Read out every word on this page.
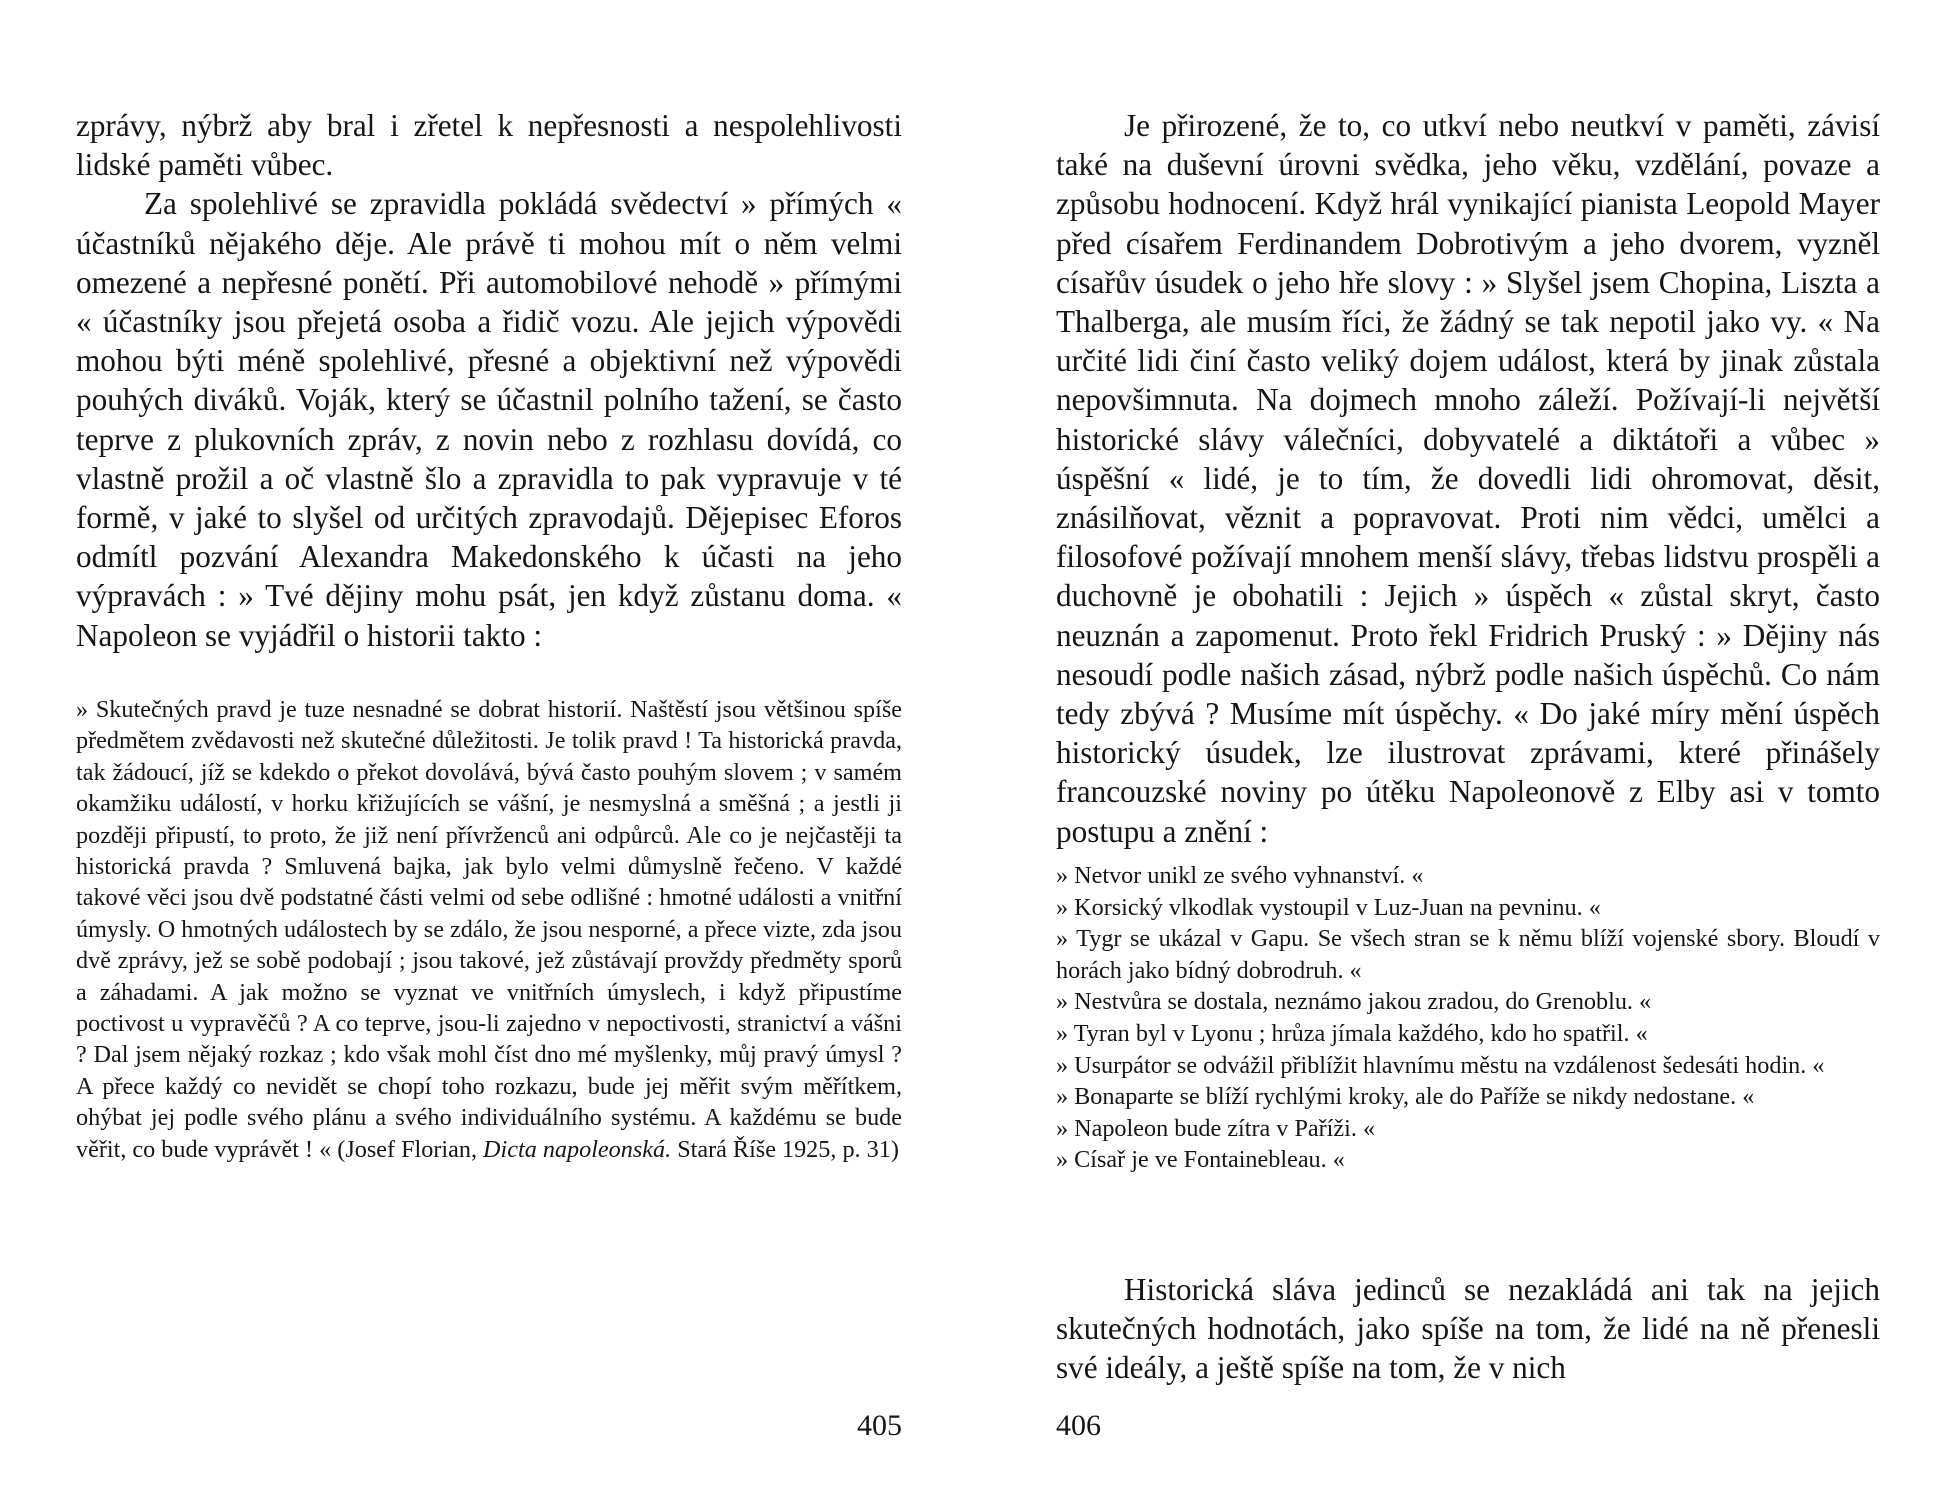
zprávy, nýbrž aby bral i zřetel k nepřesnosti a nespolehlivosti lidské paměti vůbec.

Za spolehlivé se zpravidla pokládá svědectví » přímých « účastníků nějakého děje. Ale právě ti mohou mít o něm velmi omezené a nepřesné ponětí. Při automobilové nehodě » přímými « účastníky jsou přejetá osoba a řidič vozu. Ale jejich výpovědi mohou býti méně spolehlivé, přesné a objektivní než výpovědi pouhých diváků. Voják, který se účastnil polního tažení, se často teprve z plukovních zpráv, z novin nebo z rozhlasu dovídá, co vlastně prožil a oč vlastně šlo a zpravidla to pak vypravuje v té formě, v jaké to slyšel od určitých zpravodajů. Dějepisec Eforos odmítl pozvání Alexandra Makedonského k účasti na jeho výpravách : » Tvé dějiny mohu psát, jen když zůstanu doma. « Napoleon se vyjádřil o historii takto :

» Skutečných pravd je tuze nesnadné se dobrat historií. Naštěstí jsou většinou spíše předmětem zvědavosti než skutečné důležitosti. Je tolik pravd ! Ta historická pravda, tak žádoucí, jíž se kdekdo o překot dovolává, bývá často pouhým slovem ; v samém okamžiku událostí, v horku křižujících se vášní, je nesmyslná a směšná ; a jestli ji později připustí, to proto, že již není přívrženců ani odpůrců. Ale co je nejčastěji ta historická pravda ? Smluvená bajka, jak bylo velmi důmyslně řečeno. V každé takové věci jsou dvě podstatné části velmi od sebe odlišné : hmotné události a vnitřní úmysly. O hmotných událostech by se zdálo, že jsou nesporné, a přece vizte, zda jsou dvě zprávy, jež se sobě podobají ; jsou takové, jež zůstávají provždy předměty sporů a záhadami. A jak možno se vyznat ve vnitřních úmyslech, i když připustíme poctivost u vypravěčů ? A co teprve, jsou-li zajedno v nepoctivosti, stranictví a vášni ? Dal jsem nějaký rozkaz ; kdo však mohl číst dno mé myšlenky, můj pravý úmysl ? A přece každý co nevidět se chopí toho rozkazu, bude jej měřit svým měřítkem, ohýbat jej podle svého plánu a svého individuálního systému. A každému se bude věřit, co bude vyprávět ! « (Josef Florian, Dicta napoleonská. Stará Říše 1925, p. 31)
405

Je přirozené, že to, co utkví nebo neutkví v paměti, závisí také na duševní úrovni svědka, jeho věku, vzdělání, povaze a způsobu hodnocení. Když hrál vynikající pianista Leopold Mayer před císařem Ferdinandem Dobrotivým a jeho dvorem, vyzněl císařův úsudek o jeho hře slovy : » Slyšel jsem Chopina, Liszta a Thalberga, ale musím říci, že žádný se tak nepotil jako vy. « Na určité lidi činí často veliký dojem událost, která by jinak zůstala nepovšimnuta. Na dojmech mnoho záleží. Požívají-li největší historické slávy válečníci, dobyvatelé a diktátoři a vůbec » úspěšní « lidé, je to tím, že dovedli lidi ohromovat, děsit, znásilňovat, věznit a popravovat. Proti nim vědci, umělci a filosofové požívají mnohem menší slávy, třebas lidstvu prospěli a duchovně je obohatili : Jejich » úspěch « zůstal skryt, často neuznán a zapomenut. Proto řekl Fridrich Pruský : » Dějiny nás nesoudí podle našich zásad, nýbrž podle našich úspěchů. Co nám tedy zbývá ? Musíme mít úspěchy. « Do jaké míry mění úspěch historický úsudek, lze ilustrovat zprávami, které přinášely francouzské noviny po útěku Napoleonově z Elby asi v tomto postupu a znění :

» Netvor unikl ze svého vyhnanství. «
» Korsický vlkodlak vystoupil v Luz-Juan na pevninu. «
» Tygr se ukázal v Gapu. Se všech stran se k němu blíží vojenské sbory. Bloudí v horách jako bídný dobrodruh. «
» Nestvůra se dostala, neznámo jakou zradou, do Grenoblu. «
» Tyran byl v Lyonu ; hrůza jímala každého, kdo ho spatřil. «
» Usurpátor se odvážil přiblížit hlavnímu městu na vzdálenost šedesáti hodin. «
» Bonaparte se blíží rychlými kroky, ale do Paříže se nikdy nedostane. «
» Napoleon bude zítra v Paříži. «
» Císař je ve Fontainebleau. «

Historická sláva jedinců se nezakládá ani tak na jejich skutečných hodnotách, jako spíše na tom, že lidé na ně přenesli své ideály, a ještě spíše na tom, že v nich

406
